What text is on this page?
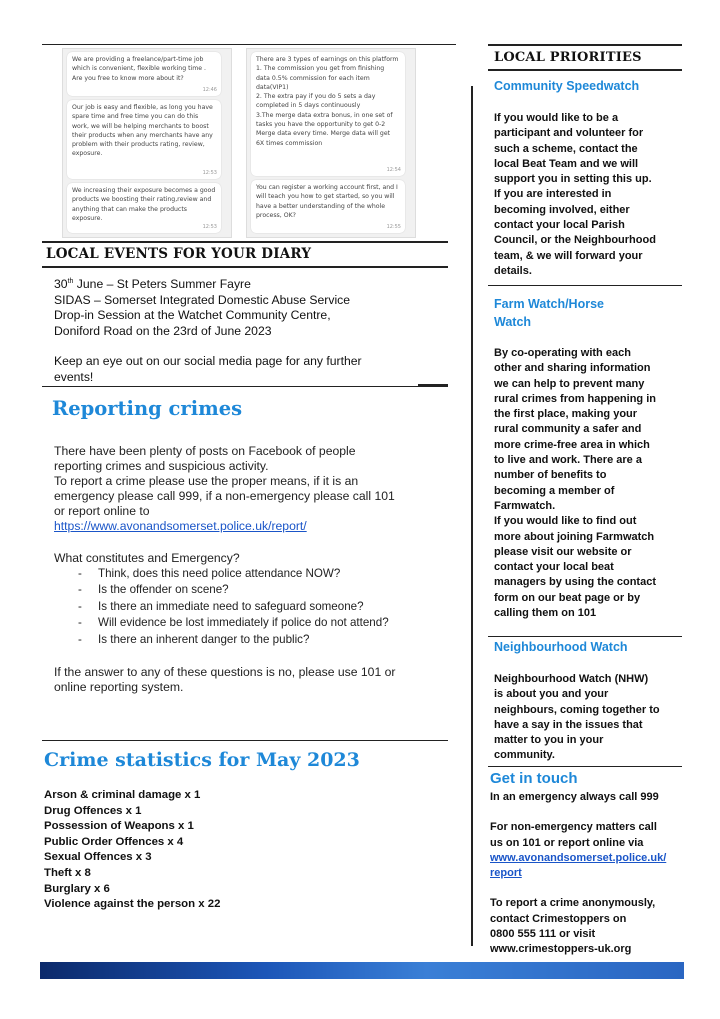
We are providing a freelance/part-time job which is convenient, flexible working time . Are you free to know more about it?
12:46
Our job is easy and flexible, as long you have spare time and free time you can do this work, we will be helping merchants to boost their products when any merchants have any problem with their products rating, review, exposure.
12:53
We increasing their exposure becomes a good products we boosting their rating,review and anything that can make the products exposure.
12:53
There are 3 types of earnings on this platform
1. The commission you get from finishing data 0.5% commission for each item data(VIP1)
2. The extra pay if you do 5 sets a day completed in 5 days continuously
3.The merge data extra bonus, in one set of tasks you have the opportunity to get 0-2 Merge data every time. Merge data will get 6X times commission
12:54
You can register a working account first, and I will teach you how to get started, so you will have a better understanding of the whole process, OK?
12:55
LOCAL EVENTS FOR YOUR DIARY
30th June – St Peters Summer Fayre
SIDAS – Somerset Integrated Domestic Abuse Service
Drop-in Session at the Watchet Community Centre,
Doniford Road on the 23rd of June 2023
Keep an eye out on our social media page for any further
events!
Reporting crimes
There have been plenty of posts on Facebook of people
reporting crimes and suspicious activity.
To report a crime please use the proper means, if it is an
emergency please call 999, if a non-emergency please call 101
or report online to
https://www.avonandsomerset.police.uk/report/
What constitutes and Emergency?
- Think, does this need police attendance NOW?
- Is the offender on scene?
- Is there an immediate need to safeguard someone?
- Will evidence be lost immediately if police do not attend?
- Is there an inherent danger to the public?
If the answer to any of these questions is no, please use 101 or
online reporting system.
Crime statistics for May 2023
Arson & criminal damage x 1
Drug Offences x 1
Possession of Weapons x 1
Public Order Offences x 4
Sexual Offences x 3
Theft x 8
Burglary x 6
Violence against the person x 22
LOCAL PRIORITIES
Community Speedwatch
If you would like to be a
participant and volunteer for
such a scheme, contact the
local Beat Team and we will
support you in setting this up.
If you are interested in
becoming involved, either
contact your local Parish
Council, or the Neighbourhood
team, & we will forward your
details.
Farm Watch/Horse
Watch
By co-operating with each
other and sharing information
we can help to prevent many
rural crimes from happening in
the first place, making your
rural community a safer and
more crime-free area in which
to live and work. There are a
number of benefits to
becoming a member of
Farmwatch.
If you would like to find out
more about joining Farmwatch
please visit our website or
contact your local beat
managers by using the contact
form on our beat page or by
calling them on 101
Neighbourhood Watch
Neighbourhood Watch (NHW)
is about you and your
neighbours, coming together to
have a say in the issues that
matter to you in your
community.
Get in touch
In an emergency always call 999
For non-emergency matters call
us on 101 or report online via
www.avonandsomerset.police.uk/
report
To report a crime anonymously,
contact Crimestoppers on
0800 555 111 or visit
www.crimestoppers-uk.org
